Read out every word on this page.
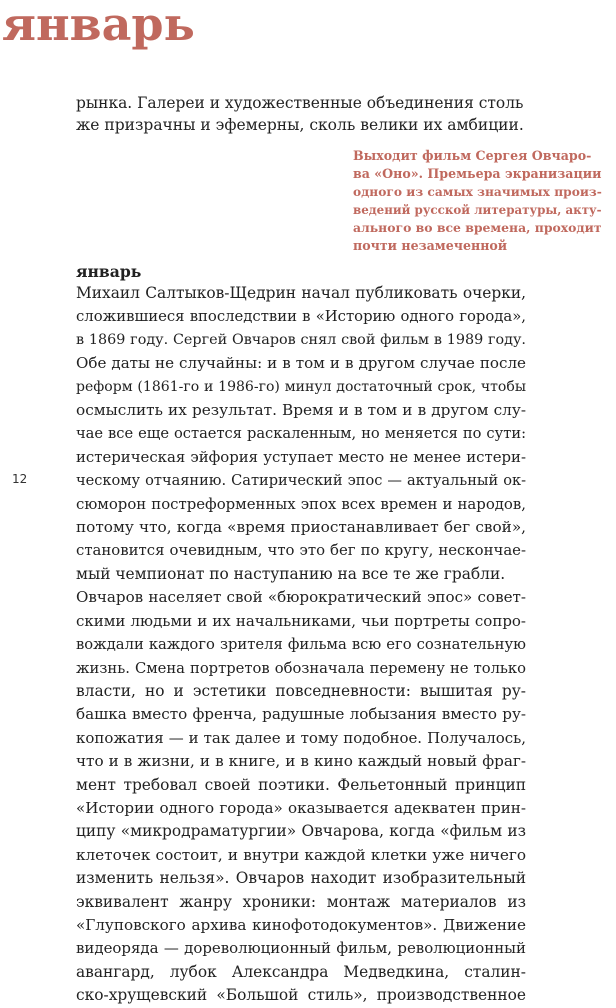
январь
рынка. Галереи и художественные объединения столь
же призрачны и эфемерны, сколь велики их амбиции.
Выходит фильм Сергея Овчаро-
ва «Оно». Премьера экранизации
одного из самых значимых произ-
ведений русской литературы, акту-
ального во все времена, проходит
почти незамеченной
январь
12
Михаил Салтыков-Щедрин начал публиковать очерки,
сложившиеся впоследствии в «Историю одного города»,
в 1869 году. Сергей Овчаров снял свой фильм в 1989 году.
Обе даты не случайны: и в том и в другом случае после
реформ (1861-го и 1986-го) минул достаточный срок, чтобы
осмыслить их результат. Время и в том и в другом слу-
чае все еще остается раскаленным, но меняется по сути:
истерическая эйфория уступает место не менее истери-
ческому отчаянию. Сатирический эпос — актуальный ок-
сюморон постреформенных эпох всех времен и народов,
потому что, когда «время приостанавливает бег свой»,
становится очевидным, что это бег по кругу, нескончае-
мый чемпионат по наступанию на все те же грабли.
Овчаров населяет свой «бюрократический эпос» совет-
скими людьми и их начальниками, чьи портреты сопро-
вождали каждого зрителя фильма всю его сознательную
жизнь. Смена портретов обозначала перемену не только
власти, но и эстетики повседневности: вышитая ру-
башка вместо френча, радушные лобызания вместо ру-
копожатия — и так далее и тому подобное. Получалось,
что и в жизни, и в книге, и в кино каждый новый фраг-
мент требовал своей поэтики. Фельетонный принцип
«Истории одного города» оказывается адекватен прин-
ципу «микродраматургии» Овчарова, когда «фильм из
клеточек состоит, и внутри каждой клетки уже ничего
изменить нельзя». Овчаров находит изобразительный
эквивалент жанру хроники: монтаж материалов из
«Глуповского архива кинофотодокументов». Движение
видеоряда — дореволюционный фильм, революционный
авангард, лубок Александра Медведкина, сталин-
ско-хрущевский «Большой стиль», производственное
